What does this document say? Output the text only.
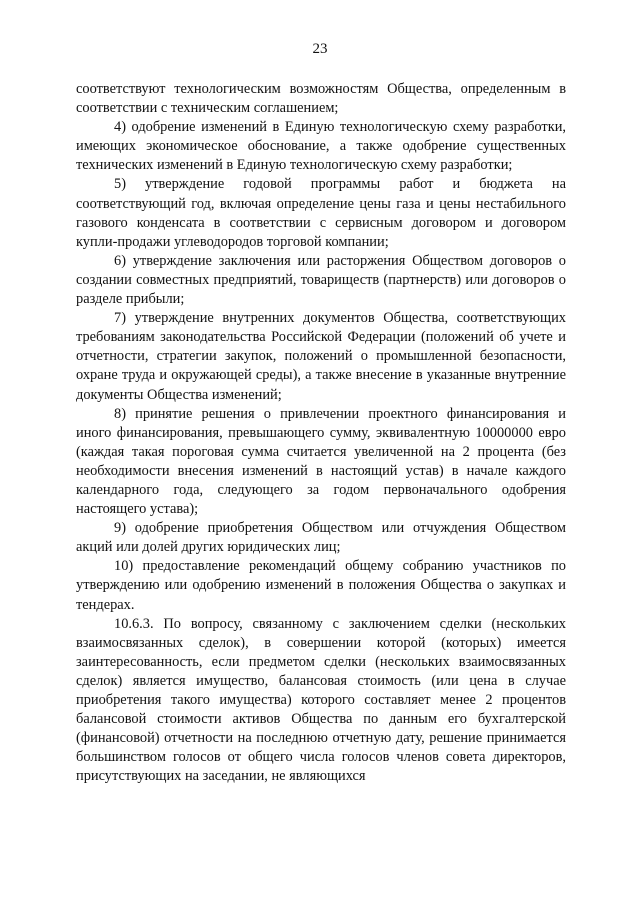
23

соответствуют технологическим возможностям Общества, определенным в соответствии с техническим соглашением;

4) одобрение изменений в Единую технологическую схему разработки, имеющих экономическое обоснование, а также одобрение существенных технических изменений в Единую технологическую схему разработки;

5) утверждение годовой программы работ и бюджета на соответствующий год, включая определение цены газа и цены нестабильного газового конденсата в соответствии с сервисным договором и договором купли-продажи углеводородов торговой компании;

6) утверждение заключения или расторжения Обществом договоров о создании совместных предприятий, товариществ (партнерств) или договоров о разделе прибыли;

7) утверждение внутренних документов Общества, соответствующих требованиям законодательства Российской Федерации (положений об учете и отчетности, стратегии закупок, положений о промышленной безопасности, охране труда и окружающей среды), а также внесение в указанные внутренние документы Общества изменений;

8) принятие решения о привлечении проектного финансирования и иного финансирования, превышающего сумму, эквивалентную 10000000 евро (каждая такая пороговая сумма считается увеличенной на 2 процента (без необходимости внесения изменений в настоящий устав) в начале каждого календарного года, следующего за годом первоначального одобрения настоящего устава);

9) одобрение приобретения Обществом или отчуждения Обществом акций или долей других юридических лиц;

10) предоставление рекомендаций общему собранию участников по утверждению или одобрению изменений в положения Общества о закупках и тендерах.

10.6.3. По вопросу, связанному с заключением сделки (нескольких взаимосвязанных сделок), в совершении которой (которых) имеется заинтересованность, если предметом сделки (нескольких взаимосвязанных сделок) является имущество, балансовая стоимость (или цена в случае приобретения такого имущества) которого составляет менее 2 процентов балансовой стоимости активов Общества по данным его бухгалтерской (финансовой) отчетности на последнюю отчетную дату, решение принимается большинством голосов от общего числа голосов членов совета директоров, присутствующих на заседании, не являющихся
